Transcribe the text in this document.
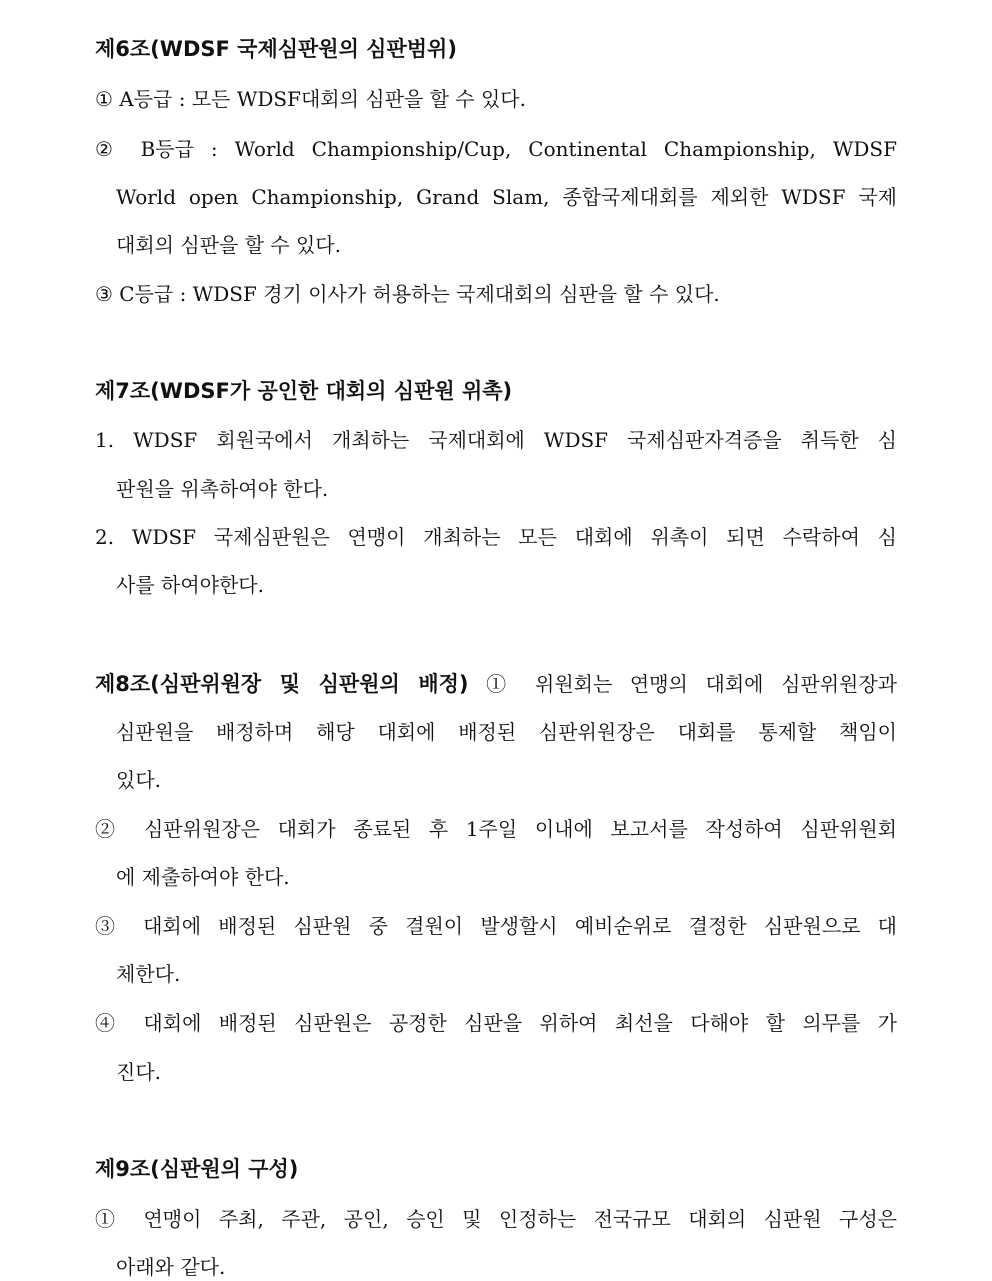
제6조(WDSF 국제심판원의 심판범위)
① A등급 : 모든 WDSF대회의 심판을 할 수 있다.
② B등급 : World Championship/Cup, Continental Championship, WDSF
World open Championship, Grand Slam, 종합국제대회를 제외한 WDSF 국제
대회의 심판을 할 수 있다.
③ C등급 : WDSF 경기 이사가 허용하는 국제대회의 심판을 할 수 있다.
제7조(WDSF가 공인한 대회의 심판원 위촉)
1. WDSF 회원국에서 개최하는 국제대회에 WDSF 국제심판자격증을 취득한 심
판원을 위촉하여야 한다.
2. WDSF 국제심판원은 연맹이 개최하는 모든 대회에 위촉이 되면 수락하여 심
사를 하여야한다.
제8조(심판위원장 및 심판원의 배정) ① 위원회는 연맹의 대회에 심판위원장과
심판원을 배정하며 해당 대회에 배정된 심판위원장은 대회를 통제할 책임이
있다.
② 심판위원장은 대회가 종료된 후 1주일 이내에 보고서를 작성하여 심판위원회
에 제출하여야 한다.
③ 대회에 배정된 심판원 중 결원이 발생할시 예비순위로 결정한 심판원으로 대
체한다.
④ 대회에 배정된 심판원은 공정한 심판을 위하여 최선을 다해야 할 의무를 가
진다.
제9조(심판원의 구성)
① 연맹이 주최, 주관, 공인, 승인 및 인정하는 전국규모 대회의 심판원 구성은
아래와 같다.
